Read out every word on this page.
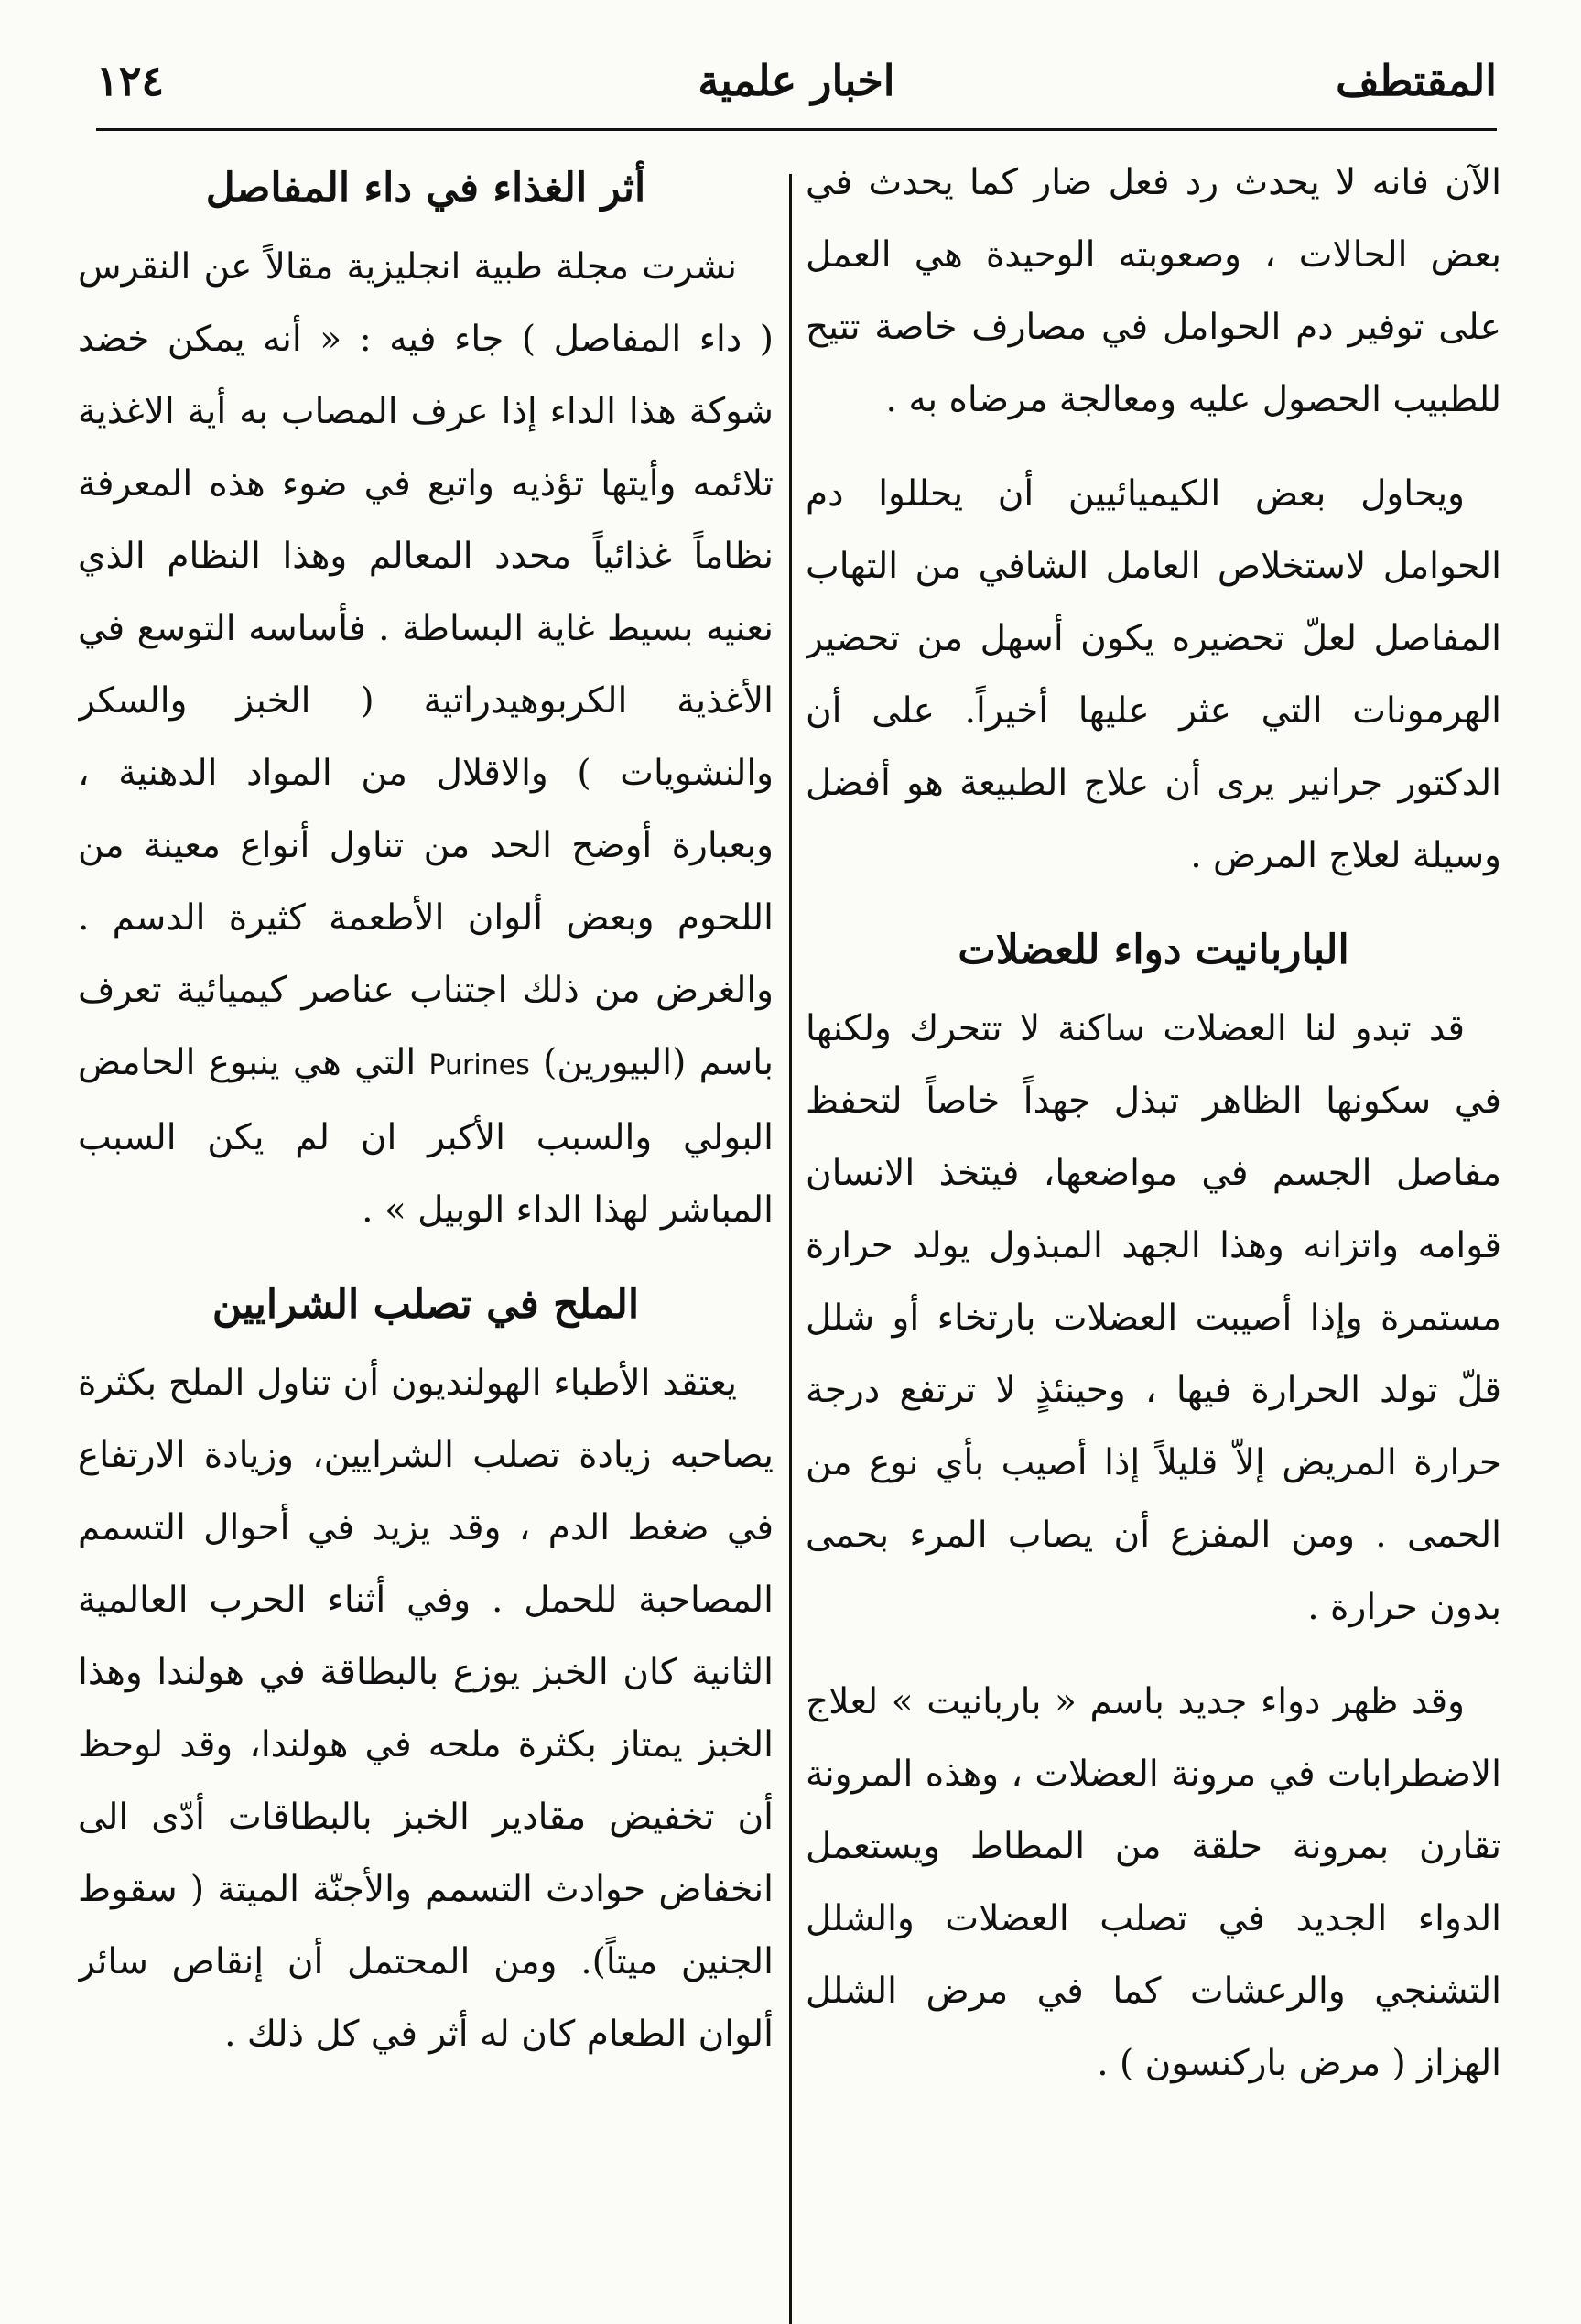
١٢٤	اخبار علمية	المقتطف

الآن فانه لا يحدث رد فعل ضار كما يحدث في بعض الحالات ، وصعوبته الوحيدة هي العمل على توفير دم الحوامل في مصارف خاصة تتيح للطبيب الحصول عليه ومعالجة مرضاه به .

ويحاول بعض الكيميائيين أن يحللوا دم الحوامل لاستخلاص العامل الشافي من التهاب المفاصل لعلّ تحضيره يكون أسهل من تحضير الهرمونات التي عثر عليها أخيراً. على أن الدكتور جرانير يرى أن علاج الطبيعة هو أفضل وسيلة لعلاج المرض .

الباربانيت دواء للعضلات

قد تبدو لنا العضلات ساكنة لا تتحرك ولكنها في سكونها الظاهر تبذل جهداً خاصاً لتحفظ مفاصل الجسم في مواضعها، فيتخذ الانسان قوامه واتزانه وهذا الجهد المبذول يولد حرارة مستمرة وإذا أصيبت العضلات بارتخاء أو شلل قلّ تولد الحرارة فيها ، وحينئذٍ لا ترتفع درجة حرارة المريض إلاّ قليلاً إذا أصيب بأي نوع من الحمى . ومن المفزع أن يصاب المرء بحمى بدون حرارة .

وقد ظهر دواء جديد باسم « باربانيت » لعلاج الاضطرابات في مرونة العضلات ، وهذه المرونة تقارن بمرونة حلقة من المطاط ويستعمل الدواء الجديد في تصلب العضلات والشلل التشنجي والرعشات كما في مرض الشلل الهزاز ( مرض باركنسون ) .

أثر الغذاء في داء المفاصل

نشرت مجلة طبية انجليزية مقالاً عن النقرس ( داء المفاصل ) جاء فيه : « أنه يمكن خضد شوكة هذا الداء إذا عرف المصاب به أية الاغذية تلائمه وأيتها تؤذيه واتبع في ضوء هذه المعرفة نظاماً غذائياً محدد المعالم وهذا النظام الذي نعنيه بسيط غاية البساطة . فأساسه التوسع في الأغذية الكربوهيدراتية ( الخبز والسكر والنشويات ) والاقلال من المواد الدهنية ، وبعبارة أوضح الحد من تناول أنواع معينة من اللحوم وبعض ألوان الأطعمة كثيرة الدسم . والغرض من ذلك اجتناب عناصر كيميائية تعرف باسم (البيورين) Purines التي هي ينبوع الحامض البولي والسبب الأكبر ان لم يكن السبب المباشر لهذا الداء الوبيل » .

الملح في تصلب الشرايين

يعتقد الأطباء الهولنديون أن تناول الملح بكثرة يصاحبه زيادة تصلب الشرايين، وزيادة الارتفاع في ضغط الدم ، وقد يزيد في أحوال التسمم المصاحبة للحمل . وفي أثناء الحرب العالمية الثانية كان الخبز يوزع بالبطاقة في هولندا وهذا الخبز يمتاز بكثرة ملحه في هولندا، وقد لوحظ أن تخفيض مقادير الخبز بالبطاقات أدّى الى انخفاض حوادث التسمم والأجنّة الميتة ( سقوط الجنين ميتاً). ومن المحتمل أن إنقاص سائر ألوان الطعام كان له أثر في كل ذلك .
